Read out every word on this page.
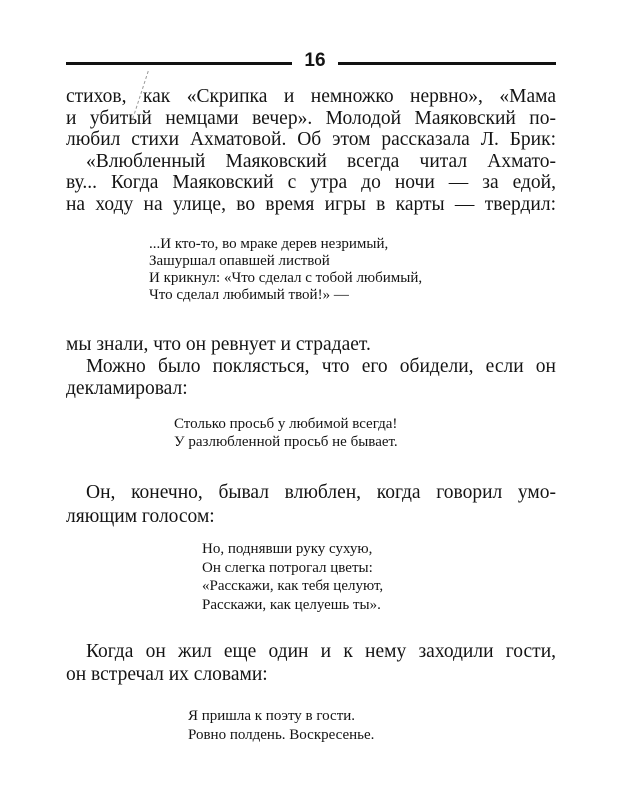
16
стихов, как «Скрипка и немножко нервно», «Мама
и убитый немцами вечер». Молодой Маяковский по-
любил стихи Ахматовой. Об этом рассказала Л. Брик:
«Влюбленный Маяковский всегда читал Ахмато-
ву... Когда Маяковский с утра до ночи — за едой,
на ходу на улице, во время игры в карты — твердил:
...И кто-то, во мраке дерев незримый,
Зашуршал опавшей листвой
И крикнул: «Что сделал с тобой любимый,
Что сделал любимый твой!» —
мы знали, что он ревнует и страдает.
Можно было поклясться, что его обидели, если он
декламировал:
Столько просьб у любимой всегда!
У разлюбленной просьб не бывает.
Он, конечно, бывал влюблен, когда говорил умо-
ляющим голосом:
Но, поднявши руку сухую,
Он слегка потрогал цветы:
«Расскажи, как тебя целуют,
Расскажи, как целуешь ты».
Когда он жил еще один и к нему заходили гости,
он встречал их словами:
Я пришла к поэту в гости.
Ровно полдень. Воскресенье.
